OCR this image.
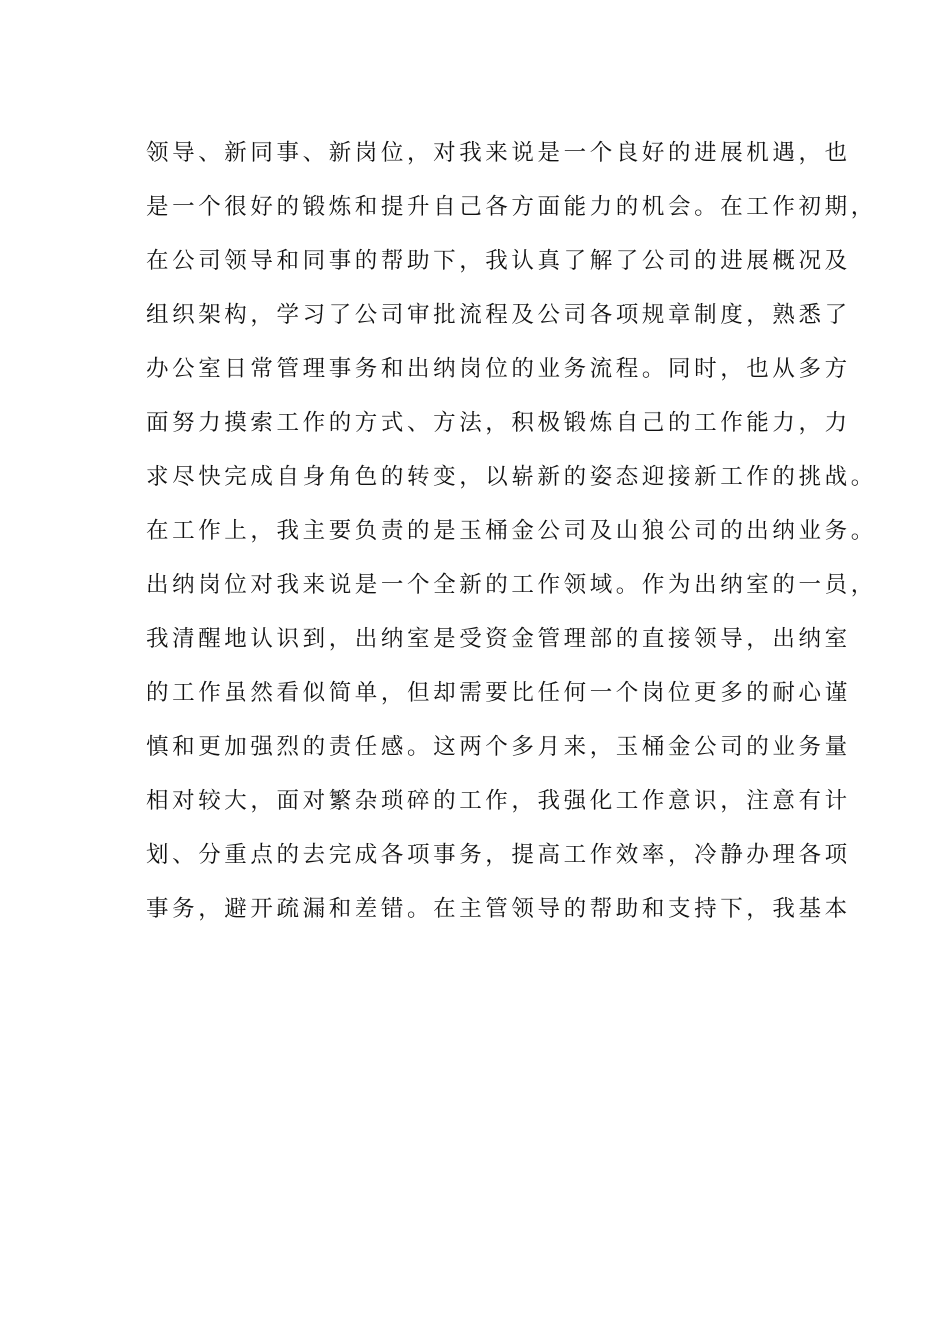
领导、新同事、新岗位，对我来说是一个良好的进展机遇，也
是一个很好的锻炼和提升自己各方面能力的机会。在工作初期，
在公司领导和同事的帮助下，我认真了解了公司的进展概况及
组织架构，学习了公司审批流程及公司各项规章制度，熟悉了
办公室日常管理事务和出纳岗位的业务流程。同时，也从多方
面努力摸索工作的方式、方法，积极锻炼自己的工作能力，力
求尽快完成自身角色的转变，以崭新的姿态迎接新工作的挑战。
在工作上，我主要负责的是玉桶金公司及山狼公司的出纳业务。
出纳岗位对我来说是一个全新的工作领域。作为出纳室的一员，
我清醒地认识到，出纳室是受资金管理部的直接领导，出纳室
的工作虽然看似简单，但却需要比任何一个岗位更多的耐心谨
慎和更加强烈的责任感。这两个多月来，玉桶金公司的业务量
相对较大，面对繁杂琐碎的工作，我强化工作意识，注意有计
划、分重点的去完成各项事务，提高工作效率，冷静办理各项
事务，避开疏漏和差错。在主管领导的帮助和支持下，我基本
